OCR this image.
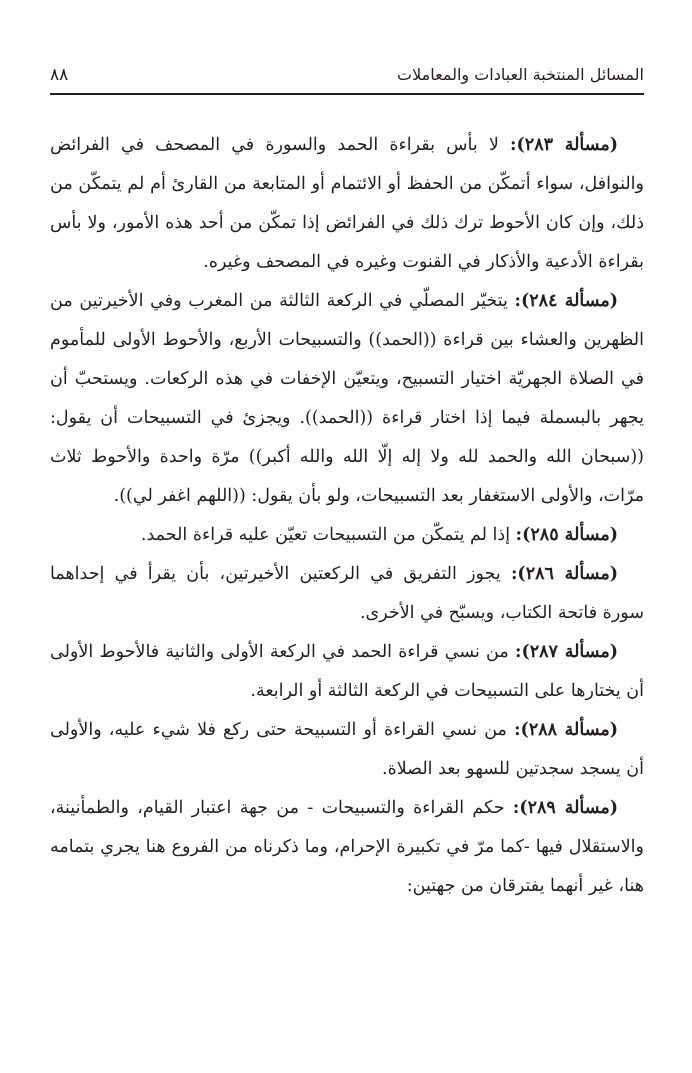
المسائل المنتخبة العبادات والمعاملات
٨٨

(مسألة ٢٨٣): لا بأس بقراءة الحمد والسورة في المصحف في الفرائض والنوافل، سواء أتمكّن من الحفظ أو الائتمام أو المتابعة من القارئ أم لم يتمكّن من ذلك، وإن كان الأحوط ترك ذلك في الفرائض إذا تمكّن من أحد هذه الأمور، ولا بأس بقراءة الأدعية والأذكار في القنوت وغيره في المصحف وغيره.

(مسألة ٢٨٤): يتخيّر المصلّي في الركعة الثالثة من المغرب وفي الأخيرتين من الظهرين والعشاء بين قراءة ((الحمد)) والتسبيحات الأربع، والأحوط الأولى للمأموم في الصلاة الجهريّة اختيار التسبيح، ويتعيّن الإخفات في هذه الركعات. ويستحبّ أن يجهر بالبسملة فيما إذا اختار قراءة ((الحمد)). ويجزئ في التسبيحات أن يقول: ((سبحان الله والحمد لله ولا إله إلّا الله والله أكبر)) مرّة واحدة والأحوط ثلاث مرّات، والأولى الاستغفار بعد التسبيحات، ولو بأن يقول: ((اللهم اغفر لي)).

(مسألة ٢٨٥): إذا لم يتمكّن من التسبيحات تعيّن عليه قراءة الحمد.

(مسألة ٢٨٦): يجوز التفريق في الركعتين الأخيرتين، بأن يقرأ في إحداهما سورة فاتحة الكتاب، ويسبّح في الأخرى.

(مسألة ٢٨٧): من نسي قراءة الحمد في الركعة الأولى والثانية فالأحوط الأولى أن يختارها على التسبيحات في الركعة الثالثة أو الرابعة.

(مسألة ٢٨٨): من نسي القراءة أو التسبيحة حتى ركع فلا شيء عليه، والأولى أن يسجد سجدتين للسهو بعد الصلاة.

(مسألة ٢٨٩): حكم القراءة والتسبيحات - من جهة اعتبار القيام، والطمأنينة، والاستقلال فيها -كما مرّ في تكبيرة الإحرام، وما ذكرناه من الفروع هنا يجري بتمامه هنا، غير أنهما يفترقان من جهتين:
